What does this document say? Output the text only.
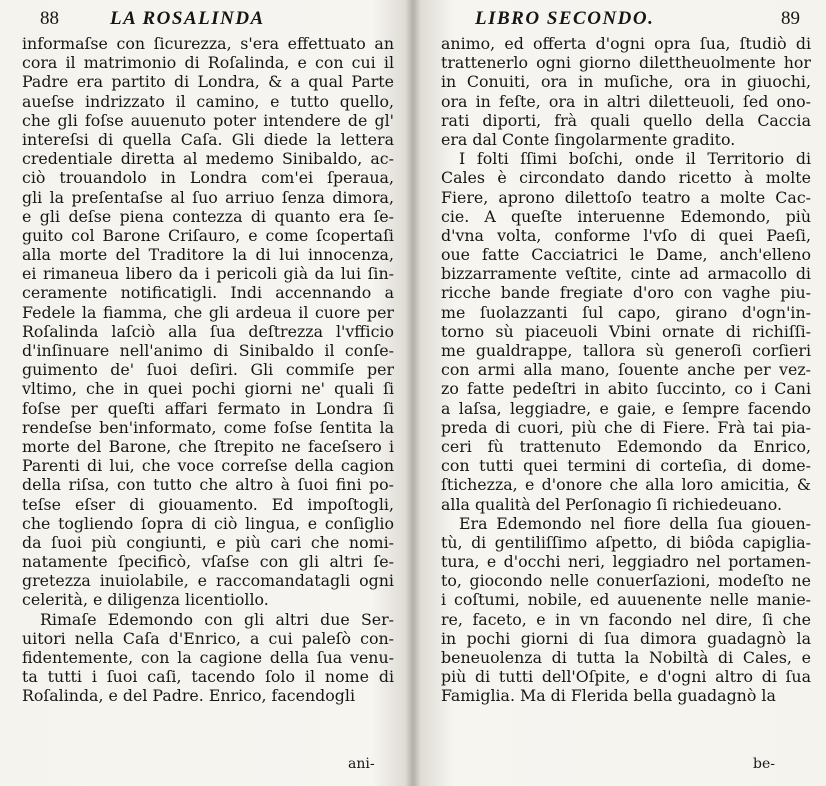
88	LA ROSALINDA
informaſse con ſicurezza, s'era effettuato an
cora il matrimonio di Roſalinda, e con cui il
Padre era partito di Londra, & a qual Parte
aueſse indrizzato il camino, e tutto quello,
che gli foſse auuenuto poter intendere de gl'
intereſsi di quella Caſa. Gli diede la lettera
credentiale diretta al medemo Sinibaldo, ac-
ciò trouandolo in Londra com'ei ſperaua,
gli la preſentaſse al ſuo arriuo ſenza dimora,
e gli deſse piena contezza di quanto era ſe-
guito col Barone Criſauro, e come ſcopertaſi
alla morte del Traditore la di lui innocenza,
ei rimaneua libero da i pericoli già da lui ſin-
ceramente notificatigli. Indi accennando a
Fedele la fiamma, che gli ardeua il cuore per
Roſalinda laſciò alla ſua deſtrezza l'vfficio
d'inſinuare nell'animo di Sinibaldo il conſe-
guimento de' ſuoi deſiri. Gli commiſe per
vltimo, che in quei pochi giorni ne' quali ſi
foſse per queſti affari fermato in Londra ſi
rendeſse ben'informato, come foſse ſentita la
morte del Barone, che ſtrepito ne faceſsero i
Parenti di lui, che voce correſse della cagion
della riſsa, con tutto che altro à ſuoi fini po-
teſse eſser di giouamento. Ed impoſtogli,
che togliendo ſopra di ciò lingua, e conſiglio
da ſuoi più congiunti, e più cari che nomi-
natamente ſpecificò, vſaſse con gli altri ſe-
gretezza inuiolabile, e raccomandatagli ogni
celerità, e diligenza licentiollo.
Rimaſe Edemondo con gli altri due Ser-
uitori nella Caſa d'Enrico, a cui paleſò con-
fidentemente, con la cagione della ſua venu-
ta tutti i ſuoi caſi, tacendo ſolo il nome di
Roſalinda, e del Padre. Enrico, facendogli
ani-
LIBRO SECONDO.	89
animo, ed offerta d'ogni opra ſua, ſtudiò di
trattenerlo ogni giorno dilettheuolmente hor
in Conuiti, ora in muſiche, ora in giuochi,
ora in feſte, ora in altri diletteuoli, ſed ono-
rati diporti, frà quali quello della Caccia
era dal Conte ſingolarmente gradito.
I folti ſſimi boſchi, onde il Territorio di
Cales è circondato dando ricetto à molte
Fiere, aprono dilettoſo teatro a molte Cac-
cie. A queſte interuenne Edemondo, più
d'vna volta, conforme l'vſo di quei Paeſi,
oue fatte Cacciatrici le Dame, anch'elleno
bizzarramente veſtite, cinte ad armacollo di
ricche bande fregiate d'oro con vaghe piu-
me ſuolazzanti ſul capo, girano d'ogn'in-
torno sù piaceuoli Vbini ornate di richiſſi-
me gualdrappe, tallora sù generoſi corſieri
con armi alla mano, ſouente anche per vez-
zo fatte pedeſtri in abito ſuccinto, co i Cani
a laſsa, leggiadre, e gaie, e ſempre facendo
preda di cuori, più che di Fiere. Frà tai pia-
ceri fù trattenuto Edemondo da Enrico,
con tutti quei termini di corteſia, di dome-
ſtichezza, e d'onore che alla loro amicitia, &
alla qualità del Perſonagio ſi richiedeuano.
Era Edemondo nel fiore della ſua giouen-
tù, di gentiliſſimo aſpetto, di biôda capiglia-
tura, e d'occhi neri, leggiadro nel portamen-
to, giocondo nelle conuerſazioni, modeſto ne
i coſtumi, nobile, ed auuenente nelle manie-
re, faceto, e in vn facondo nel dire, ſi che
in pochi giorni di ſua dimora guadagnò la
beneuolenza di tutta la Nobiltà di Cales, e
più di tutti dell'Oſpite, e d'ogni altro di ſua
Famiglia. Ma di Flerida bella guadagnò la
be-
